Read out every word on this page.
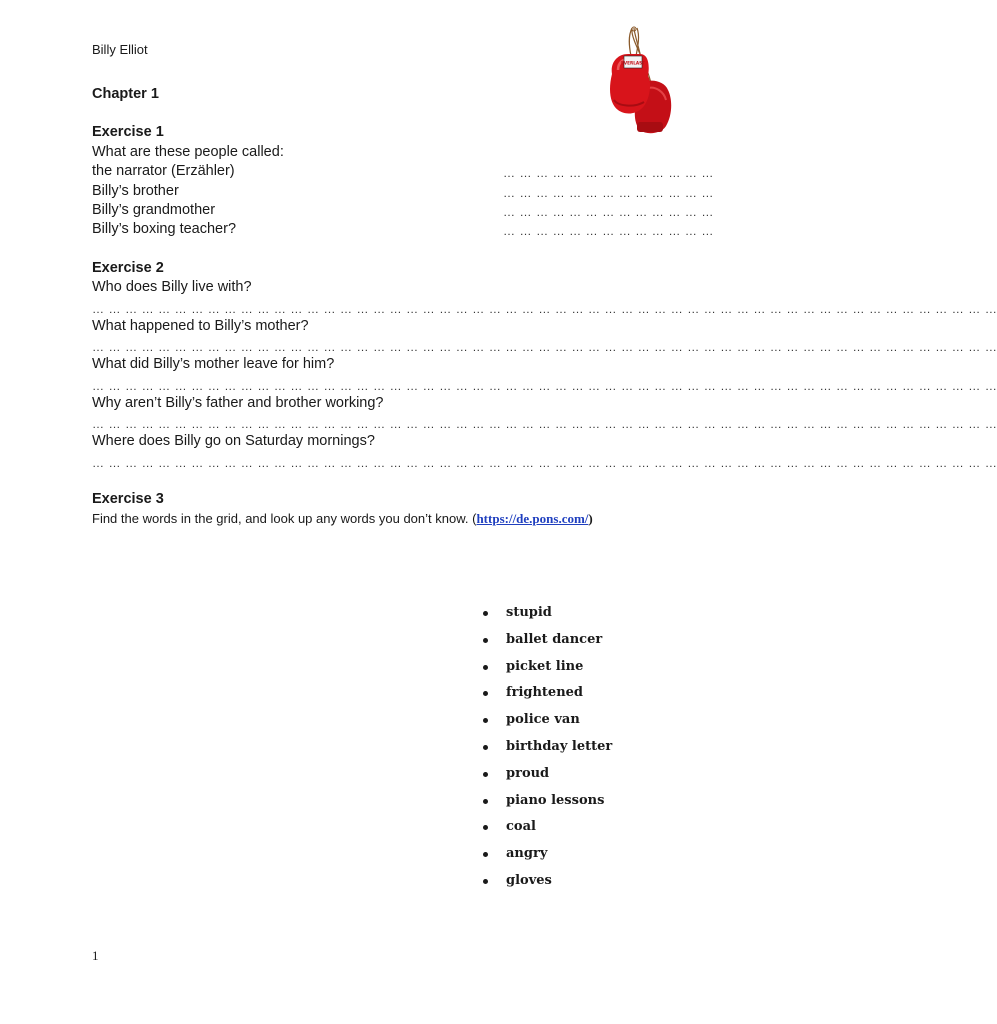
Billy Elliot
EVERLAST
Chapter 1
Exercise 1
What are these people called:
the narrator (Erzähler)	… … … … … … … … … … … … …
Billy’s brother	… … … … … … … … … … … … …
Billy’s grandmother	… … … … … … … … … … … … …
Billy’s boxing teacher?	… … … … … … … … … … … … …
Exercise 2
Who does Billy live with?
… … … … … … … … … … … … … … … … … … … … … … … … … … … … … … … … … … … … … … … … … … … … … … … … … … … … … … …
What happened to Billy’s mother?
… … … … … … … … … … … … … … … … … … … … … … … … … … … … … … … … … … … … … … … … … … … … … … … … … … … … … … …
What did Billy’s mother leave for him?
… … … … … … … … … … … … … … … … … … … … … … … … … … … … … … … … … … … … … … … … … … … … … … … … … … … … … … …
Why aren’t Billy’s father and brother working?
… … … … … … … … … … … … … … … … … … … … … … … … … … … … … … … … … … … … … … … … … … … … … … … … … … … … … … …
Where does Billy go on Saturday mornings?
… … … … … … … … … … … … … … … … … … … … … … … … … … … … … … … … … … … … … … … … … … … … … … … … … … … … … … …
Exercise 3
Find the words in the grid, and look up any words you don’t know. (https://de.pons.com/)
stupid
ballet dancer
picket line
frightened
police van
birthday letter
proud
piano lessons
coal
angry
gloves
1
